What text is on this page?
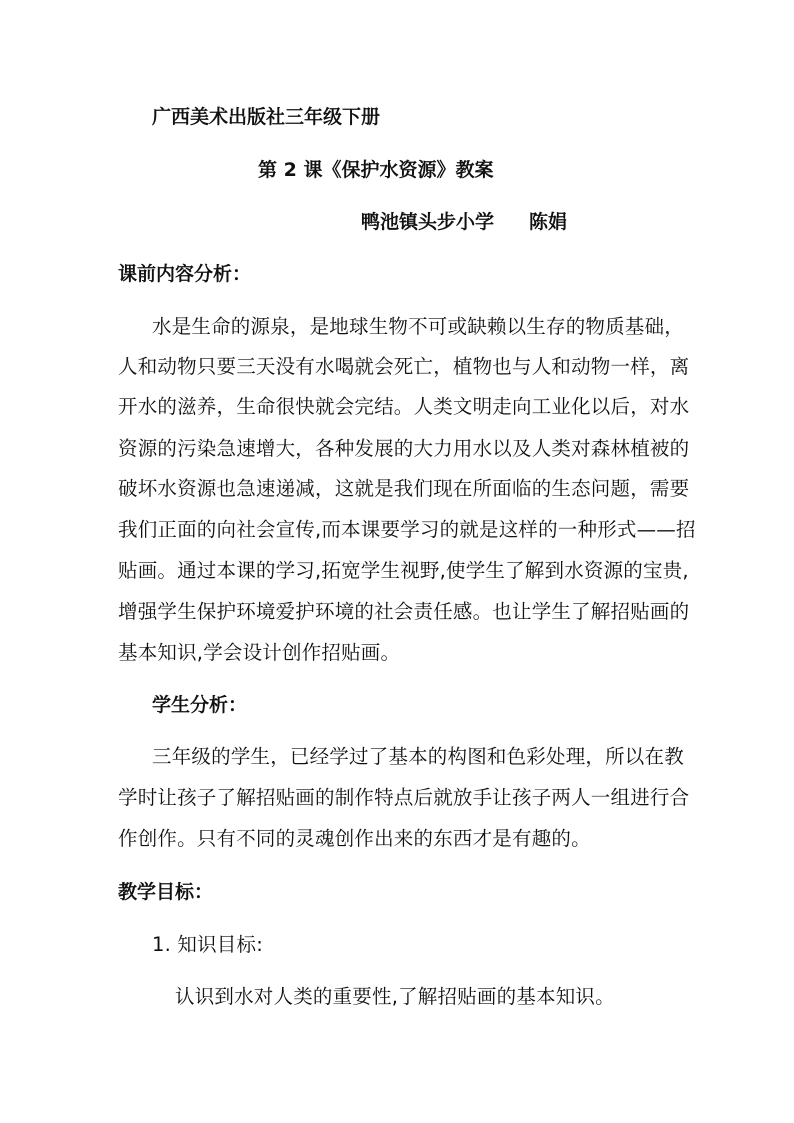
广西美术出版社三年级下册
第 2 课《保护水资源》教案
鸭池镇头步小学 陈娟
课前内容分析：
水是生命的源泉，是地球生物不可或缺赖以生存的物质基础，
人和动物只要三天没有水喝就会死亡，植物也与人和动物一样，离
开水的滋养，生命很快就会完结。人类文明走向工业化以后，对水
资源的污染急速增大，各种发展的大力用水以及人类对森林植被的
破坏水资源也急速递减，这就是我们现在所面临的生态问题，需要
我们正面的向社会宣传,而本课要学习的就是这样的一种形式——招
贴画。通过本课的学习,拓宽学生视野,使学生了解到水资源的宝贵,
增强学生保护环境爱护环境的社会责任感。也让学生了解招贴画的
基本知识,学会设计创作招贴画。
学生分析：
三年级的学生，已经学过了基本的构图和色彩处理，所以在教
学时让孩子了解招贴画的制作特点后就放手让孩子两人一组进行合
作创作。只有不同的灵魂创作出来的东西才是有趣的。
教学目标：
1. 知识目标:
认识到水对人类的重要性,了解招贴画的基本知识。
